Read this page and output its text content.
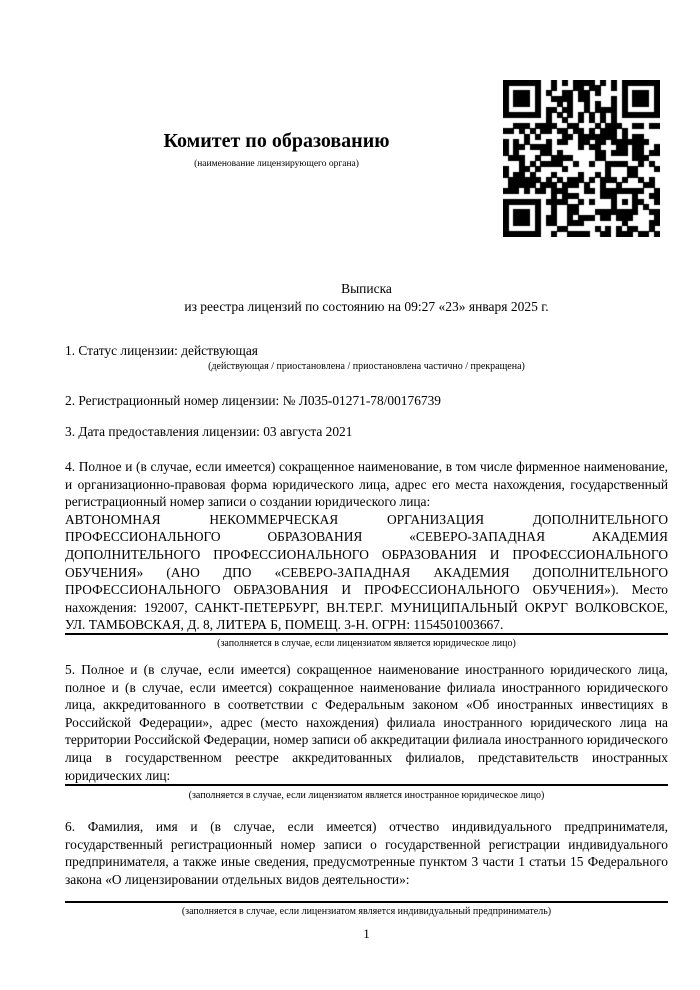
Комитет по образованию
(наименование лицензирующего органа)
Выписка
из реестра лицензий по состоянию на 09:27 «23» января 2025 г.
1. Статус лицензии: действующая
(действующая / приостановлена / приостановлена частично / прекращена)
2. Регистрационный номер лицензии: № Л035-01271-78/00176739
3. Дата предоставления лицензии: 03 августа 2021

4. Полное и (в случае, если имеется) сокращенное наименование, в том числе фирменное наименование, и организационно-правовая форма юридического лица, адрес его места нахождения, государственный регистрационный номер записи о создании юридического лица:

АВТОНОМНАЯ НЕКОММЕРЧЕСКАЯ ОРГАНИЗАЦИЯ ДОПОЛНИТЕЛЬНОГО ПРОФЕССИОНАЛЬНОГО ОБРАЗОВАНИЯ «СЕВЕРО-ЗАПАДНАЯ АКАДЕМИЯ ДОПОЛНИТЕЛЬНОГО ПРОФЕССИОНАЛЬНОГО ОБРАЗОВАНИЯ И ПРОФЕССИОНАЛЬНОГО ОБУЧЕНИЯ» (АНО ДПО «СЕВЕРО-ЗАПАДНАЯ АКАДЕМИЯ ДОПОЛНИТЕЛЬНОГО ПРОФЕССИОНАЛЬНОГО ОБРАЗОВАНИЯ И ПРОФЕССИОНАЛЬНОГО ОБУЧЕНИЯ»). Место нахождения: 192007, САНКТ-ПЕТЕРБУРГ, ВН.ТЕР.Г. МУНИЦИПАЛЬНЫЙ ОКРУГ ВОЛКОВСКОЕ, УЛ. ТАМБОВСКАЯ, Д. 8, ЛИТЕРА Б, ПОМЕЩ. 3-Н. ОГРН: 1154501003667.

(заполняется в случае, если лицензиатом является юридическое лицо)
5. Полное и (в случае, если имеется) сокращенное наименование иностранного юридического лица, полное и (в случае, если имеется) сокращенное наименование филиала иностранного юридического лица, аккредитованного в соответствии с Федеральным законом «Об иностранных инвестициях в Российской Федерации», адрес (место нахождения) филиала иностранного юридического лица на территории Российской Федерации, номер записи об аккредитации филиала иностранного юридического лица в государственном реестре аккредитованных филиалов, представительств иностранных юридических лиц:
(заполняется в случае, если лицензиатом является иностранное юридическое лицо)
6. Фамилия, имя и (в случае, если имеется) отчество индивидуального предпринимателя, государственный регистрационный номер записи о государственной регистрации индивидуального предпринимателя, а также иные сведения, предусмотренные пунктом 3 части 1 статьи 15 Федерального закона «О лицензировании отдельных видов деятельности»:
(заполняется в случае, если лицензиатом является индивидуальный предприниматель)
1
